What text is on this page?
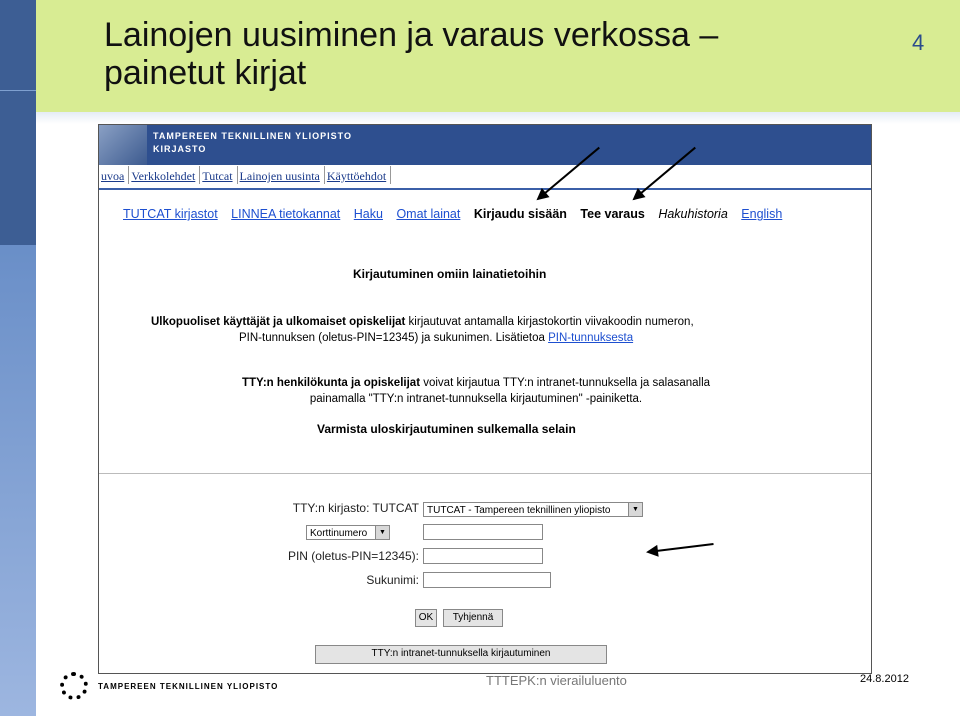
Lainojen uusiminen ja varaus verkossa –
painetut kirjat
4
TAMPEREEN TEKNILLINEN YLIOPISTO
KIRJASTO
uvoa Verkkolehdet Tutcat Lainojen uusinta Käyttöehdot
TUTCAT kirjastot LINNEA tietokannat Haku Omat lainat Kirjaudu sisään Tee varaus Hakuhistoria English
Kirjautuminen omiin lainatietoihin
Ulkopuoliset käyttäjät ja ulkomaiset opiskelijat kirjautuvat antamalla kirjastokortin viivakoodin numeron,
PIN-tunnuksen (oletus-PIN=12345) ja sukunimen. Lisätietoa PIN-tunnuksesta
TTY:n henkilökunta ja opiskelijat voivat kirjautua TTY:n intranet-tunnuksella ja salasanalla
painamalla "TTY:n intranet-tunnuksella kirjautuminen" -painiketta.
Varmista uloskirjautuminen sulkemalla selain
TTY:n kirjasto: TUTCAT TUTCAT - Tampereen teknillinen yliopisto	▼
Korttinumero	▼
PIN (oletus-PIN=12345):
Sukunimi:
OK	Tyhjennä
TTY:n intranet-tunnuksella kirjautuminen
TAMPEREEN TEKNILLINEN YLIOPISTO	TTTEPK:n vierailuluento	24.8.2012
